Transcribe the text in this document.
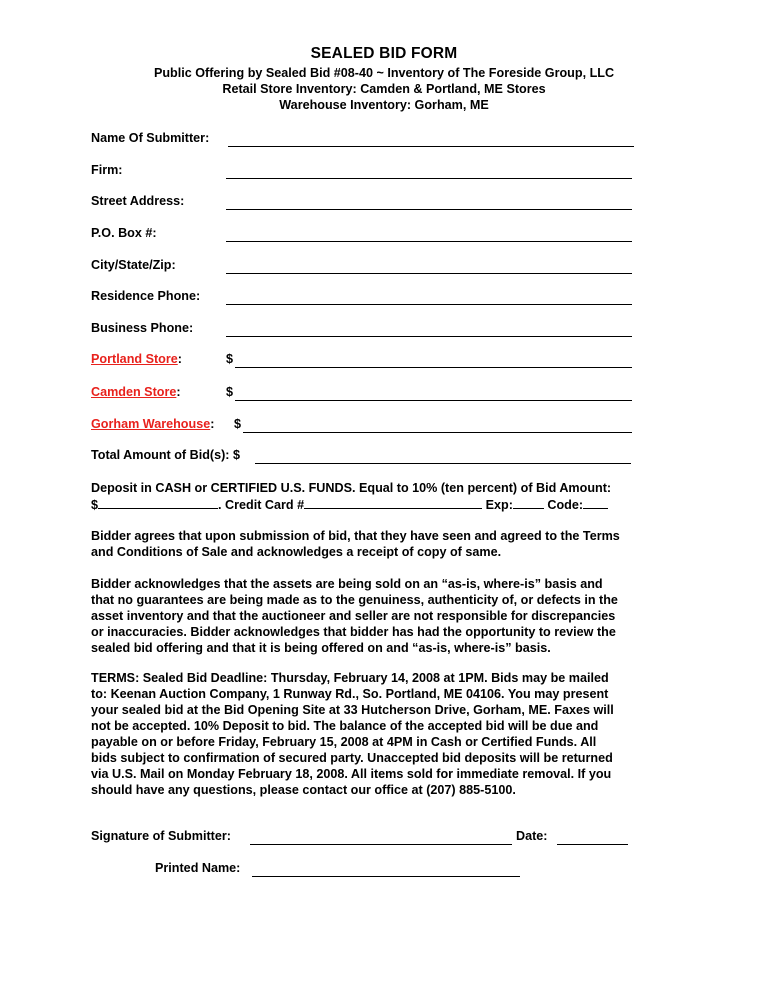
SEALED BID FORM
Public Offering by Sealed Bid #08-40 ~ Inventory of The Foreside Group, LLC
Retail Store Inventory: Camden & Portland, ME Stores
Warehouse Inventory: Gorham, ME
Name Of Submitter:
Firm:
Street Address:
P.O. Box #:
City/State/Zip:
Residence Phone:
Business Phone:
Portland Store:	$
Camden Store:	$
Gorham Warehouse: $
Total Amount of Bid(s): $
Deposit in CASH or CERTIFIED U.S. FUNDS. Equal to 10% (ten percent) of Bid Amount:
$	. Credit Card #	Exp: Code:
Bidder agrees that upon submission of bid, that they have seen and agreed to the Terms
and Conditions of Sale and acknowledges a receipt of copy of same.
Bidder acknowledges that the assets are being sold on an “as-is, where-is” basis and
that no guarantees are being made as to the genuiness, authenticity of, or defects in the
asset inventory and that the auctioneer and seller are not responsible for discrepancies
or inaccuracies. Bidder acknowledges that bidder has had the opportunity to review the
sealed bid offering and that it is being offered on and “as-is, where-is” basis.
TERMS: Sealed Bid Deadline: Thursday, February 14, 2008 at 1PM. Bids may be mailed
to: Keenan Auction Company, 1 Runway Rd., So. Portland, ME 04106. You may present
your sealed bid at the Bid Opening Site at 33 Hutcherson Drive, Gorham, ME. Faxes will
not be accepted. 10% Deposit to bid. The balance of the accepted bid will be due and
payable on or before Friday, February 15, 2008 at 4PM in Cash or Certified Funds. All
bids subject to confirmation of secured party. Unaccepted bid deposits will be returned
via U.S. Mail on Monday February 18, 2008. All items sold for immediate removal. If you
should have any questions, please contact our office at (207) 885-5100.
Signature of Submitter:	Date:
Printed Name:
